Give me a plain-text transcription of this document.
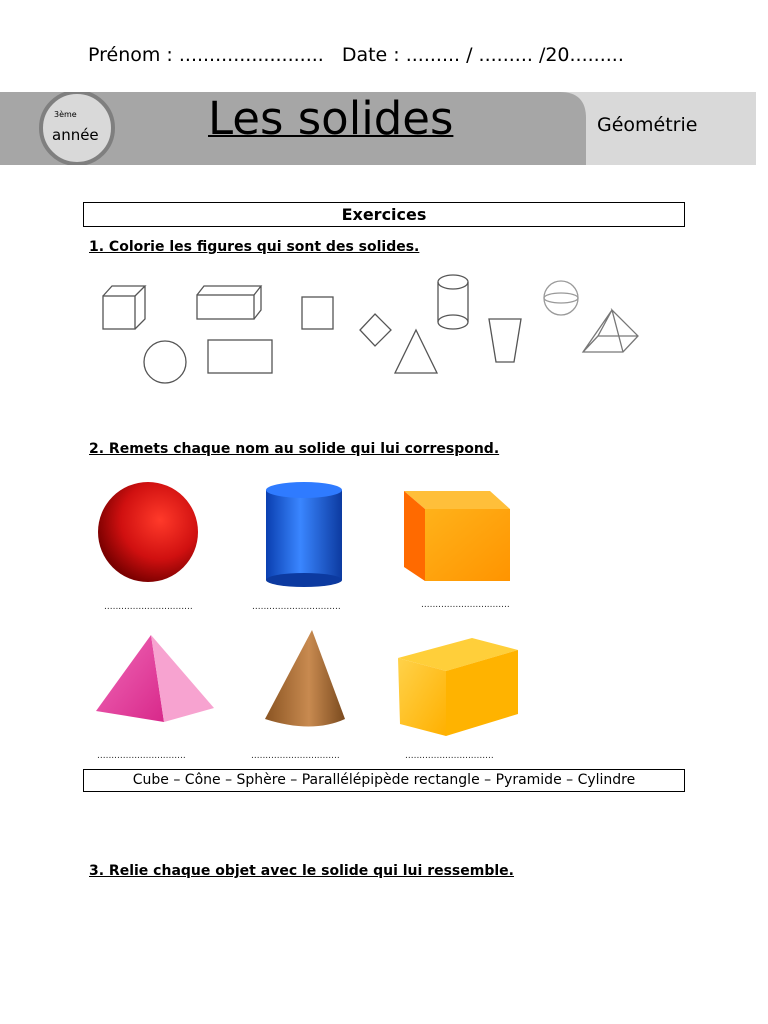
Prénom : ........................ Date : ......... / ......... /20.........
3ème
année Les solides	Géométrie
Exercices
1. Colorie les figures qui sont des solides.
2. Remets chaque nom au solide qui lui correspond.
...............................	...............................	...............................
...............................	...............................	...............................
Cube – Cône – Sphère – Parallélépipède rectangle – Pyramide – Cylindre
3. Relie chaque objet avec le solide qui lui ressemble.
